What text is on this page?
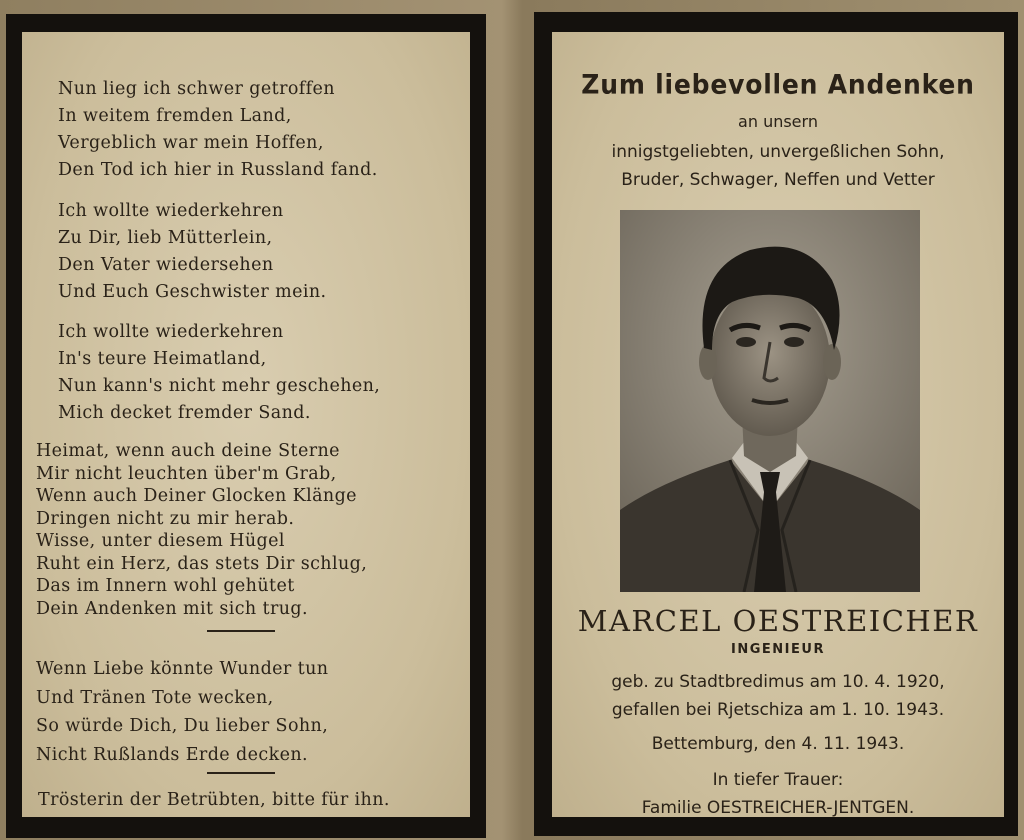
Nun lieg ich schwer getroffen
In weitem fremden Land,
Vergeblich war mein Hoffen,
Den Tod ich hier in Russland fand.
Ich wollte wiederkehren
Zu Dir, lieb Mütterlein,
Den Vater wiedersehen
Und Euch Geschwister mein.
Ich wollte wiederkehren
In's teure Heimatland,
Nun kann's nicht mehr geschehen,
Mich decket fremder Sand.
Heimat, wenn auch deine Sterne
Mir nicht leuchten über'm Grab,
Wenn auch Deiner Glocken Klänge
Dringen nicht zu mir herab.
Wisse, unter diesem Hügel
Ruht ein Herz, das stets Dir schlug,
Das im Innern wohl gehütet
Dein Andenken mit sich trug.
Wenn Liebe könnte Wunder tun
Und Tränen Tote wecken,
So würde Dich, Du lieber Sohn,
Nicht Rußlands Erde decken.
Trösterin der Betrübten, bitte für ihn.
Zum liebevollen Andenken
an unsern
innigstgeliebten, unvergeßlichen Sohn,
Bruder, Schwager, Neffen und Vetter
MARCEL OESTREICHER
INGENIEUR
geb. zu Stadtbredimus am 10. 4. 1920,
gefallen bei Rjetschiza am 1. 10. 1943.
Bettemburg, den 4. 11. 1943.
In tiefer Trauer:
Familie OESTREICHER-JENTGEN.
